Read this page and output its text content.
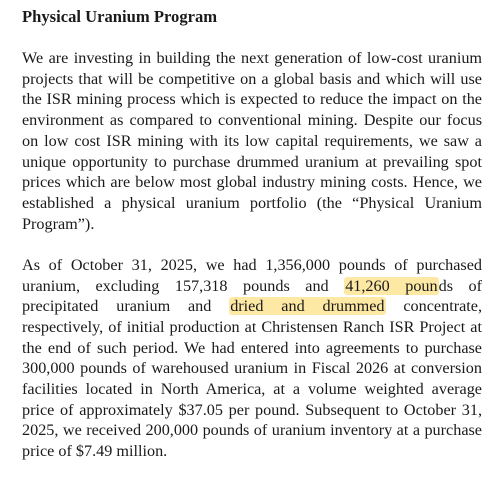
Physical Uranium Program

We are investing in building the next generation of low-cost uranium projects that will be competitive on a global basis and which will use the ISR mining process which is expected to reduce the impact on the environment as compared to conventional mining. Despite our focus on low cost ISR mining with its low capital requirements, we saw a unique opportunity to purchase drummed uranium at prevailing spot prices which are below most global industry mining costs. Hence, we established a physical uranium portfolio (the “Physical Uranium Program”).

As of October 31, 2025, we had 1,356,000 pounds of purchased uranium, excluding 157,318 pounds and 41,260 pounds of precipitated uranium and dried and drummed concentrate, respectively, of initial production at Christensen Ranch ISR Project at the end of such period. We had entered into agreements to purchase 300,000 pounds of warehoused uranium in Fiscal 2026 at conversion facilities located in North America, at a volume weighted average price of approximately $37.05 per pound. Subsequent to October 31, 2025, we received 200,000 pounds of uranium inventory at a purchase price of $7.49 million.
